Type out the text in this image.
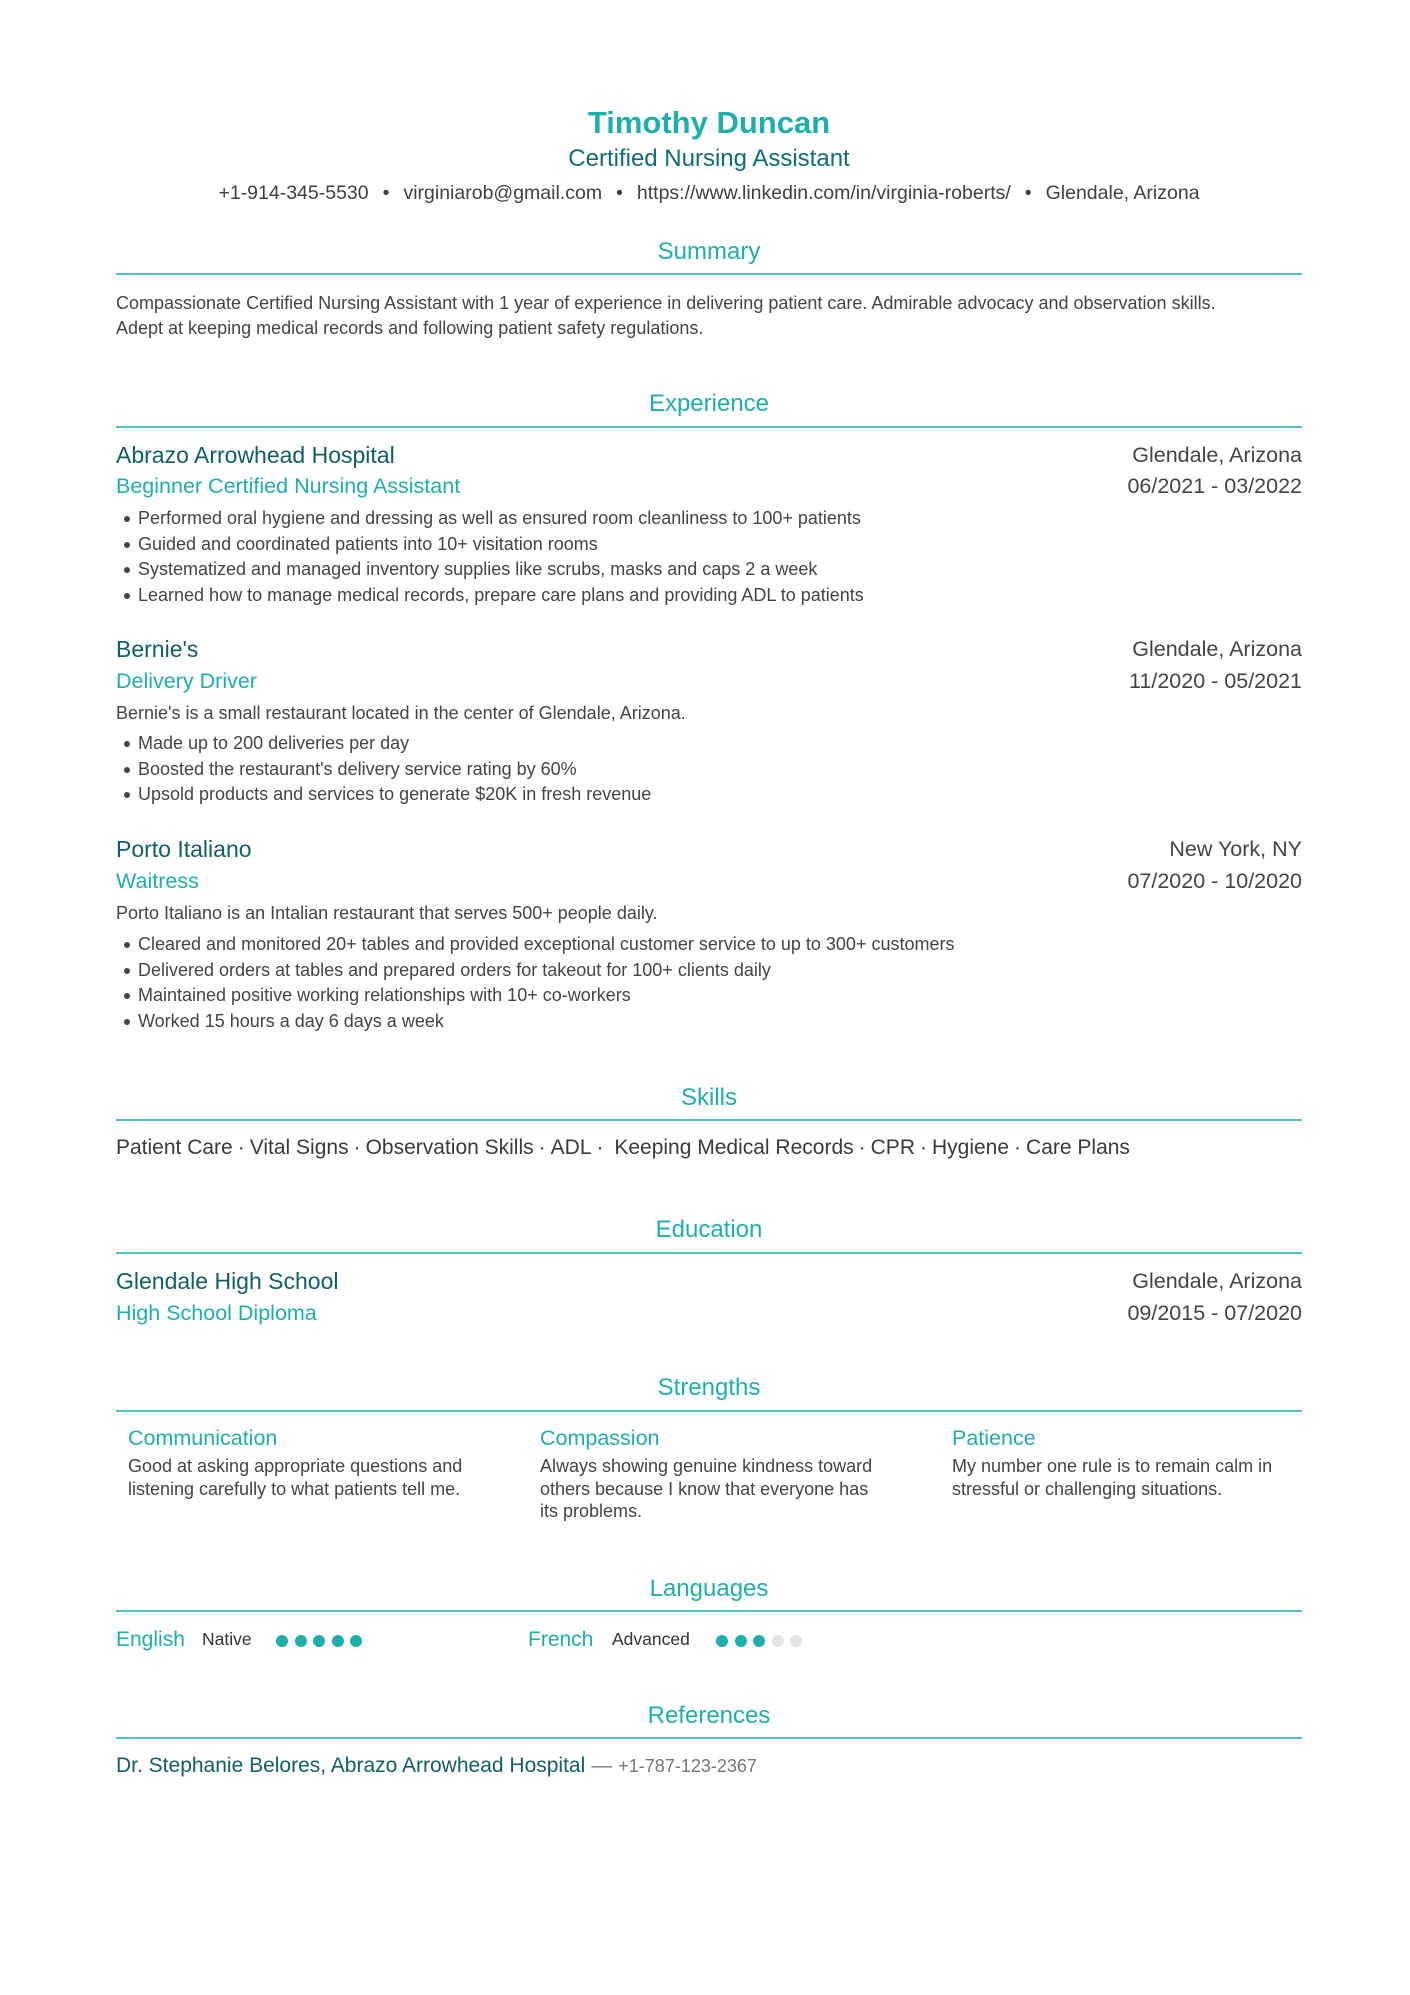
Timothy Duncan
Certified Nursing Assistant
+1-914-345-5530 • virginiarob@gmail.com • https://www.linkedin.com/in/virginia-roberts/ • Glendale, Arizona
Summary
Compassionate Certified Nursing Assistant with 1 year of experience in delivering patient care. Admirable advocacy and observation skills.
Adept at keeping medical records and following patient safety regulations.
Experience
Abrazo Arrowhead Hospital	Glendale, Arizona
Beginner Certified Nursing Assistant	06/2021 - 03/2022
Performed oral hygiene and dressing as well as ensured room cleanliness to 100+ patients
Guided and coordinated patients into 10+ visitation rooms
Systematized and managed inventory supplies like scrubs, masks and caps 2 a week
Learned how to manage medical records, prepare care plans and providing ADL to patients
Bernie's	Glendale, Arizona
Delivery Driver	11/2020 - 05/2021
Bernie's is a small restaurant located in the center of Glendale, Arizona.
Made up to 200 deliveries per day
Boosted the restaurant's delivery service rating by 60%
Upsold products and services to generate $20K in fresh revenue
Porto Italiano	New York, NY
Waitress	07/2020 - 10/2020
Porto Italiano is an Intalian restaurant that serves 500+ people daily.
Cleared and monitored 20+ tables and provided exceptional customer service to up to 300+ customers
Delivered orders at tables and prepared orders for takeout for 100+ clients daily
Maintained positive working relationships with 10+ co-workers
Worked 15 hours a day 6 days a week
Skills
Patient Care · Vital Signs · Observation Skills · ADL · Keeping Medical Records · CPR · Hygiene · Care Plans
Education
Glendale High School	Glendale, Arizona
High School Diploma	09/2015 - 07/2020
Strengths
Communication
Good at asking appropriate questions and listening carefully to what patients tell me.
Compassion
Always showing genuine kindness toward others because I know that everyone has its problems.
Patience
My number one rule is to remain calm in stressful or challenging situations.
Languages
English Native	French Advanced
References
Dr. Stephanie Belores, Abrazo Arrowhead Hospital — +1-787-123-2367
